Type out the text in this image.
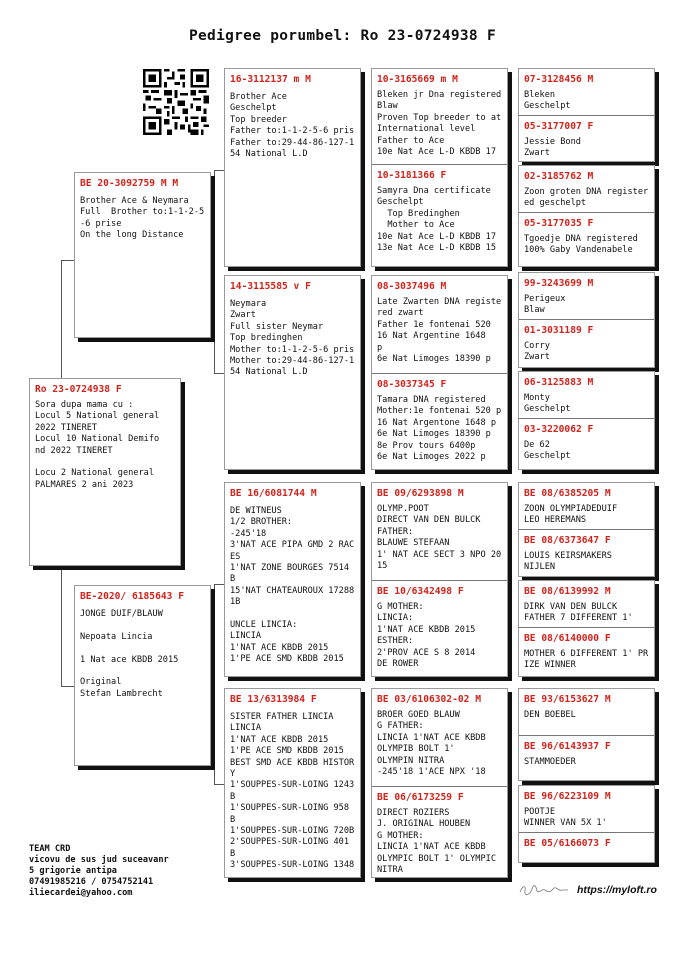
Pedigree porumbel: Ro 23-0724938 F
Ro 23-0724938 F
Sora dupa mama cu :
Locul 5 National general
2022 TINERET
Locul 10 National Demifo
nd 2022 TINERET

Locu 2 National general
PALMARES 2 ani 2023
BE 20-3092759 M M
Brother Ace & Neymara
Full  Brother to:1-1-2-5
-6 prise
On the long Distance
BE-2020/ 6185643 F
JONGE DUIF/BLAUW

Nepoata Lincia

1 Nat ace KBDB 2015

Original
Stefan Lambrecht
16-3112137 m M
Brother Ace
Geschelpt
Top breeder
Father to:1-1-2-5-6 pris
Father to:29-44-86-127-1
54 National L.D
14-3115585 v F
Neymara
Zwart
Full sister Neymar
Top bredinghen
Mother to:1-1-2-5-6 pris
Mother to:29-44-86-127-1
54 National L.D
BE 16/6081744 M
DE WITNEUS
1/2 BROTHER:
-245'18
3'NAT ACE PIPA GMD 2 RAC
ES
1'NAT ZONE BOURGES 7514
B
15'NAT CHATEAUROUX 17288
1B

UNCLE LINCIA:
LINCIA
1'NAT ACE KBDB 2015
1'PE ACE SMD KBDB 2015
BE 13/6313984 F
SISTER FATHER LINCIA
LINCIA
1'NAT ACE KBDB 2015
1'PE ACE SMD KBDB 2015
BEST SMD ACE KBDB HISTOR
Y
1'SOUPPES-SUR-LOING 1243
B
1'SOUPPES-SUR-LOING 958
B
1'SOUPPES-SUR-LOING 720B
2'SOUPPES-SUR-LOING 401
B
3'SOUPPES-SUR-LOING 1348
10-3165669 m M
Bleken jr Dna registered
Blaw
Proven Top breeder to at
International level
Father to Ace
10e Nat Ace L-D KBDB 17
10-3181366 F
Samyra Dna certificate
Geschelpt
Top Bredinghen
Mother to Ace
10e Nat Ace L-D KBDB 17
13e Nat Ace L-D KBDB 15
08-3037496 M
Late Zwarten DNA registe
red zwart
Father 1e fontenai 520
16 Nat Argentine 1648
p
6e Nat Limoges 18390 p
08-3037345 F
Tamara DNA registered
Mother:1e fontenai 520 p
16 Nat Argentone 1648 p
6e Nat Limoges 18390 p
8e Prov tours 6400p
6e Nat Limoges 2022 p
BE 09/6293898 M
OLYMP.POOT
DIRECT VAN DEN BULCK
FATHER:
BLAUWE STEFAAN
1' NAT ACE SECT 3 NPO 20
15
BE 10/6342498 F
G MOTHER:
LINCIA:
1'NAT ACE KBDB 2015
ESTHER:
2'PROV ACE S 8 2014
DE ROWER
BE 03/6106302-02 M
BROER GOED BLAUW
G FATHER:
LINCIA 1'NAT ACE KBDB
OLYMPIB BOLT 1'
OLYMPIN NITRA
-245'18 1'ACE NPX '18
BE 06/6173259 F
DIRECT ROZIERS
J. ORIGINAL HOUBEN
G MOTHER:
LINCIA 1'NAT ACE KBDB
OLYMPIC BOLT 1' OLYMPIC
NITRA
07-3128456 M
Bleken
Geschelpt
05-3177007 F
Jessie Bond
Zwart
02-3185762 M
Zoon groten DNA register
ed geschelpt
05-3177035 F
Tgoedje DNA registered
100% Gaby Vandenabele
99-3243699 M
Perigeux
Blaw
01-3031189 F
Corry
Zwart
06-3125883 M
Monty
Geschelpt
03-3220062 F
De 62
Geschelpt
BE 08/6385205 M
ZOON OLYMPIADEDUIF
LEO HEREMANS
BE 08/6373647 F
LOUIS KEIRSMAKERS
NIJLEN
BE 08/6139992 M
DIRK VAN DEN BULCK
FATHER 7 DIFFERENT 1'
BE 08/6140000 F
MOTHER 6 DIFFERENT 1' PR
IZE WINNER
BE 93/6153627 M
DEN BOEBEL
BE 96/6143937 F
STAMMOEDER
BE 96/6223109 M
POOTJE
WINNER VAN 5X 1'
BE 05/6166073 F
TEAM CRD
vicovu de sus jud suceavanr
5 grigorie antipa
07491985216 / 0754752141
iliecardei@yahoo.com	https://myloft.ro
